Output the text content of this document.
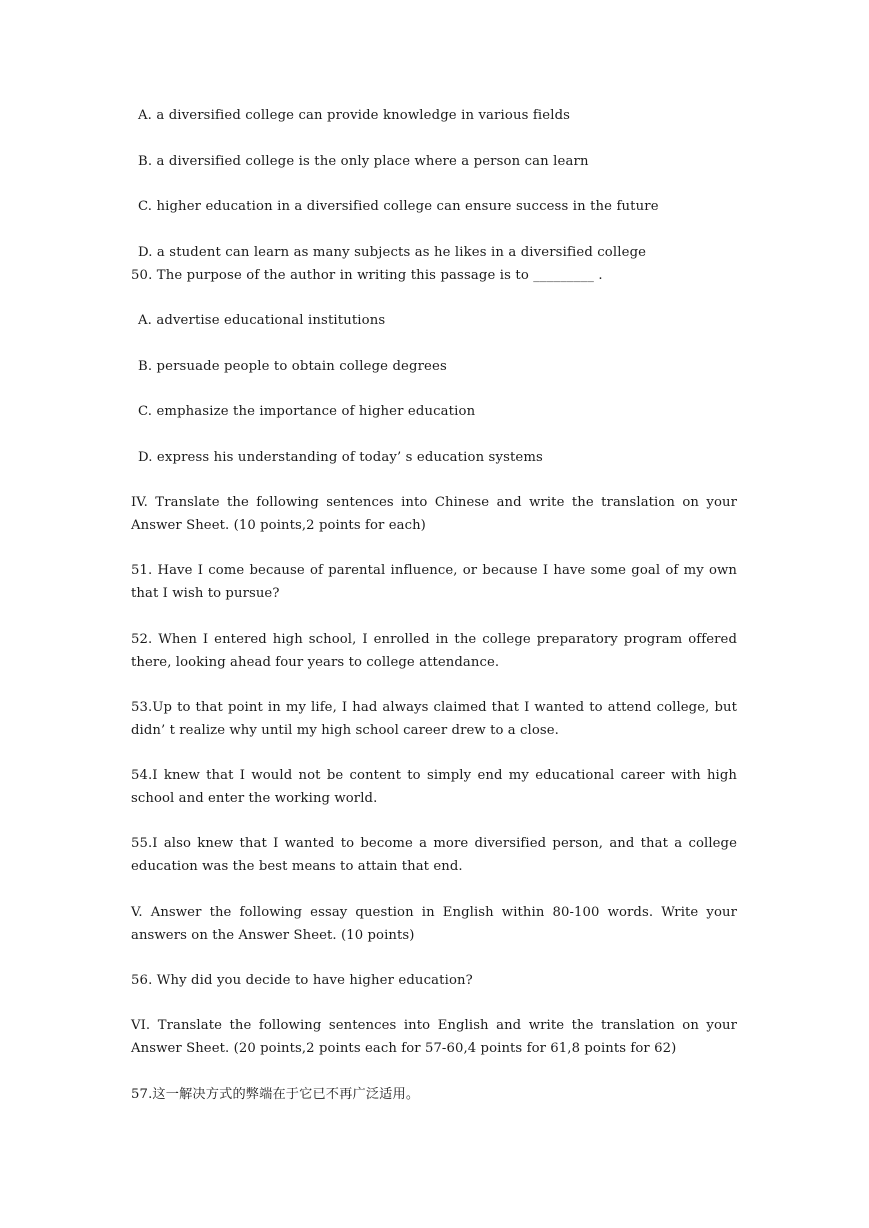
A. a diversified college can provide knowledge in various fields
B. a diversified college is the only place where a person can learn
C. higher education in a diversified college can ensure success in the future
D. a student can learn as many subjects as he likes in a diversified college
50. The purpose of the author in writing this passage is to _________ .
A. advertise educational institutions
B. persuade people to obtain college degrees
C. emphasize the importance of higher education
D. express his understanding of today’ s education systems
IV. Translate the following sentences into Chinese and write the translation on your Answer Sheet. (10 points,2 points for each)
51. Have I come because of parental influence, or because I have some goal of my own that I wish to pursue?
52. When I entered high school, I enrolled in the college preparatory program offered there, looking ahead four years to college attendance.
53.Up to that point in my life, I had always claimed that I wanted to attend college, but didn’ t realize why until my high school career drew to a close.
54.I knew that I would not be content to simply end my educational career with high school and enter the working world.
55.I also knew that I wanted to become a more diversified person, and that a college education was the best means to attain that end.
V. Answer the following essay question in English within 80-100 words. Write your answers on the Answer Sheet. (10 points)
56. Why did you decide to have higher education?
VI. Translate the following sentences into English and write the translation on your Answer Sheet. (20 points,2 points each for 57-60,4 points for 61,8 points for 62)
57.这一解决方式的弊端在于它已不再广泛适用。
